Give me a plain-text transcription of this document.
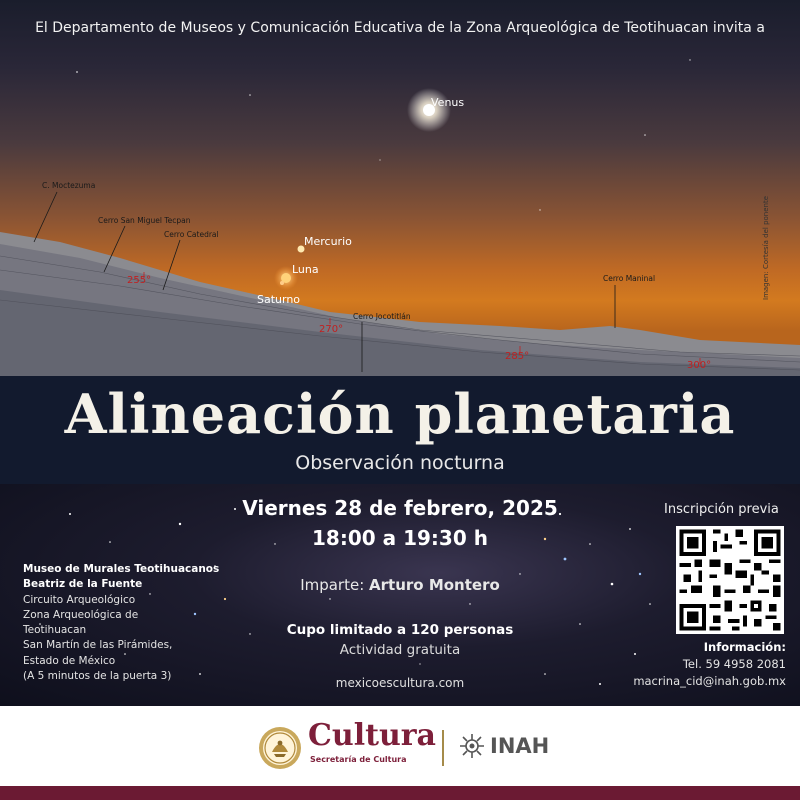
El Departamento de Museos y Comunicación Educativa de la Zona Arqueológica de Teotihuacan invita a
Venus
Mercurio
Luna
Saturno
C. Moctezuma
Cerro San Miguel Tecpan
Cerro Catedral
Cerro Jocotitlán
Cerro Maninal
255°
270°
285°
300°
Imagen: Cortesía del ponente
Alineación planetaria
Observación nocturna
Viernes 28 de febrero, 2025
18:00 a 19:30 h
Imparte: Arturo Montero
Cupo limitado a 120 personas
Actividad gratuita
mexicoescultura.com
Museo de Murales Teotihuacanos
Beatriz de la Fuente
Circuito Arqueológico
Zona Arqueológica de
Teotihuacan
San Martín de las Pirámides,
Estado de México
(A 5 minutos de la puerta 3)
Inscripción previa
Información:
Tel. 59 4958 2081
macrina_cid@inah.gob.mx
Cultura
Secretaría de Cultura
INAH
